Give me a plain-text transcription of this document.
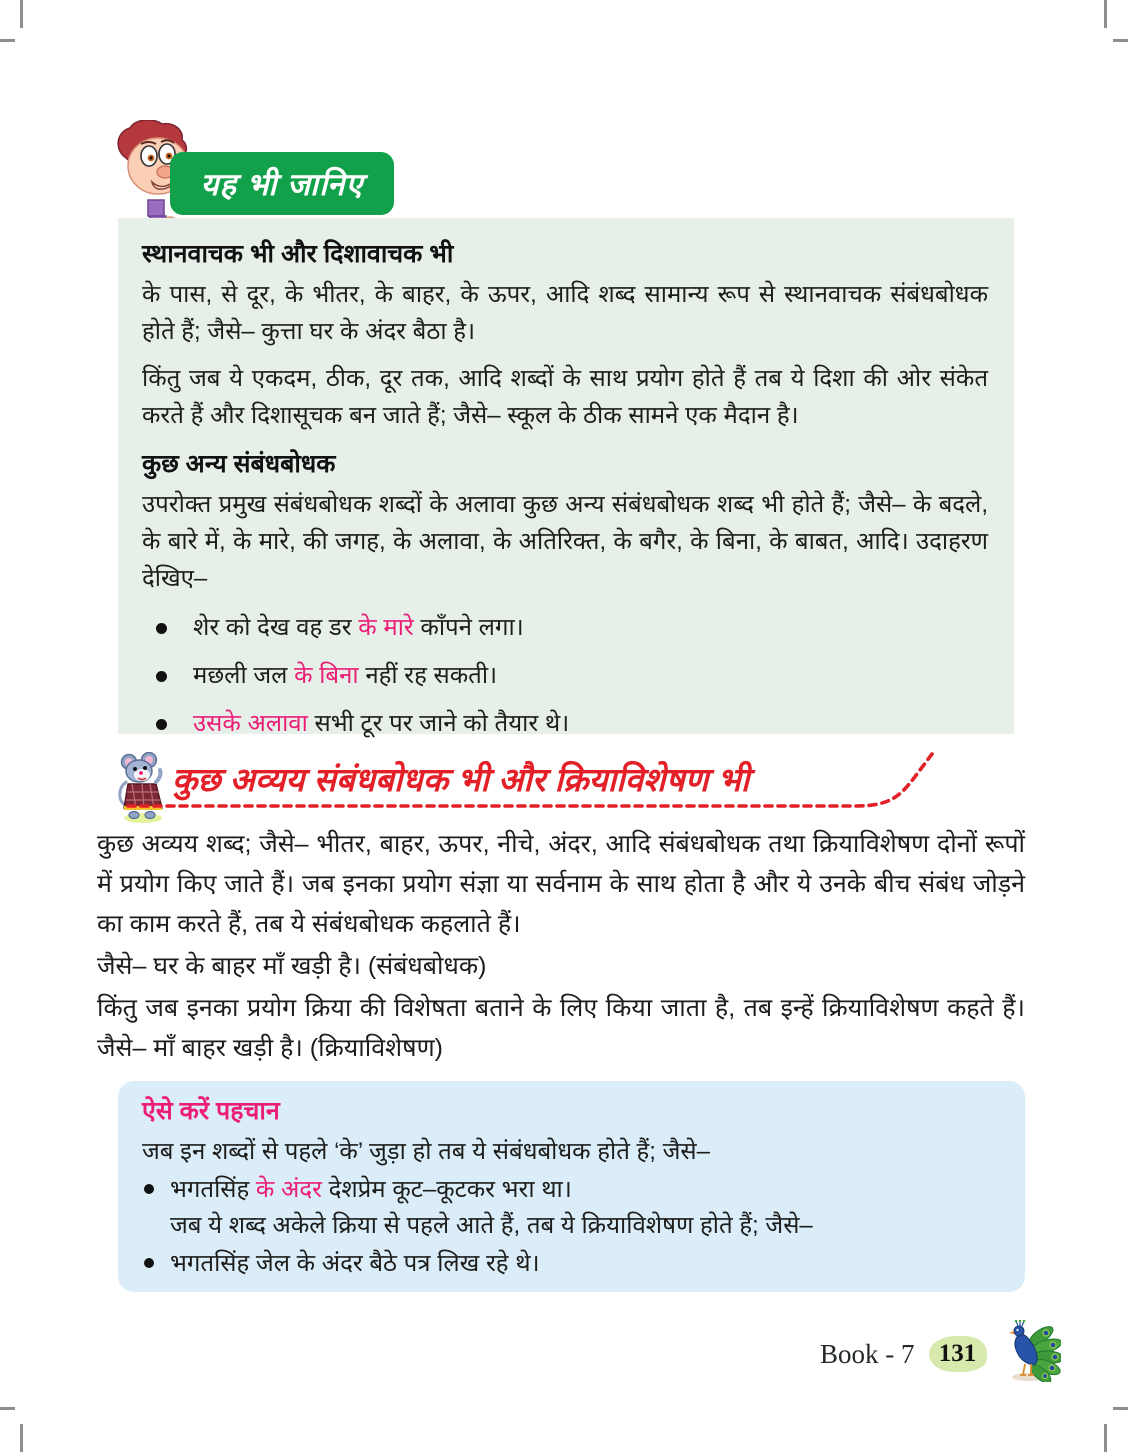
यह भी जानिए
स्थानवाचक भी और दिशावाचक भी

के पास, से दूर, के भीतर, के बाहर, के ऊपर, आदि शब्द सामान्य रूप से स्थानवाचक संबंधबोधक होते हैं; जैसे– कुत्ता घर के अंदर बैठा है।

किंतु जब ये एकदम, ठीक, दूर तक, आदि शब्दों के साथ प्रयोग होते हैं तब ये दिशा की ओर संकेत करते हैं और दिशासूचक बन जाते हैं; जैसे– स्कूल के ठीक सामने एक मैदान है।

कुछ अन्य संबंधबोधक

उपरोक्त प्रमुख संबंधबोधक शब्दों के अलावा कुछ अन्य संबंधबोधक शब्द भी होते हैं; जैसे– के बदले, के बारे में, के मारे, की जगह, के अलावा, के अतिरिक्त, के बगैर, के बिना, के बाबत, आदि। उदाहरण देखिए–

शेर को देख वह डर के मारे काँपने लगा।
मछली जल के बिना नहीं रह सकती।
उसके अलावा सभी टूर पर जाने को तैयार थे।
कुछ अव्यय संबंधबोधक भी और क्रियाविशेषण भी

कुछ अव्यय शब्द; जैसे– भीतर, बाहर, ऊपर, नीचे, अंदर, आदि संबंधबोधक तथा क्रियाविशेषण दोनों रूपों में प्रयोग किए जाते हैं। जब इनका प्रयोग संज्ञा या सर्वनाम के साथ होता है और ये उनके बीच संबंध जोड़ने का काम करते हैं, तब ये संबंधबोधक कहलाते हैं।

जैसे– घर के बाहर माँ खड़ी है। (संबंधबोधक)

किंतु जब इनका प्रयोग क्रिया की विशेषता बताने के लिए किया जाता है, तब इन्हें क्रियाविशेषण कहते हैं। जैसे– माँ बाहर खड़ी है। (क्रियाविशेषण)

ऐसे करें पहचान

जब इन शब्दों से पहले ‘के’ जुड़ा हो तब ये संबंधबोधक होते हैं; जैसे–

भगतसिंह के अंदर देशप्रेम कूट–कूटकर भरा था।

जब ये शब्द अकेले क्रिया से पहले आते हैं, तब ये क्रियाविशेषण होते हैं; जैसे–

भगतसिंह जेल के अंदर बैठे पत्र लिख रहे थे।
Book - 7 131
